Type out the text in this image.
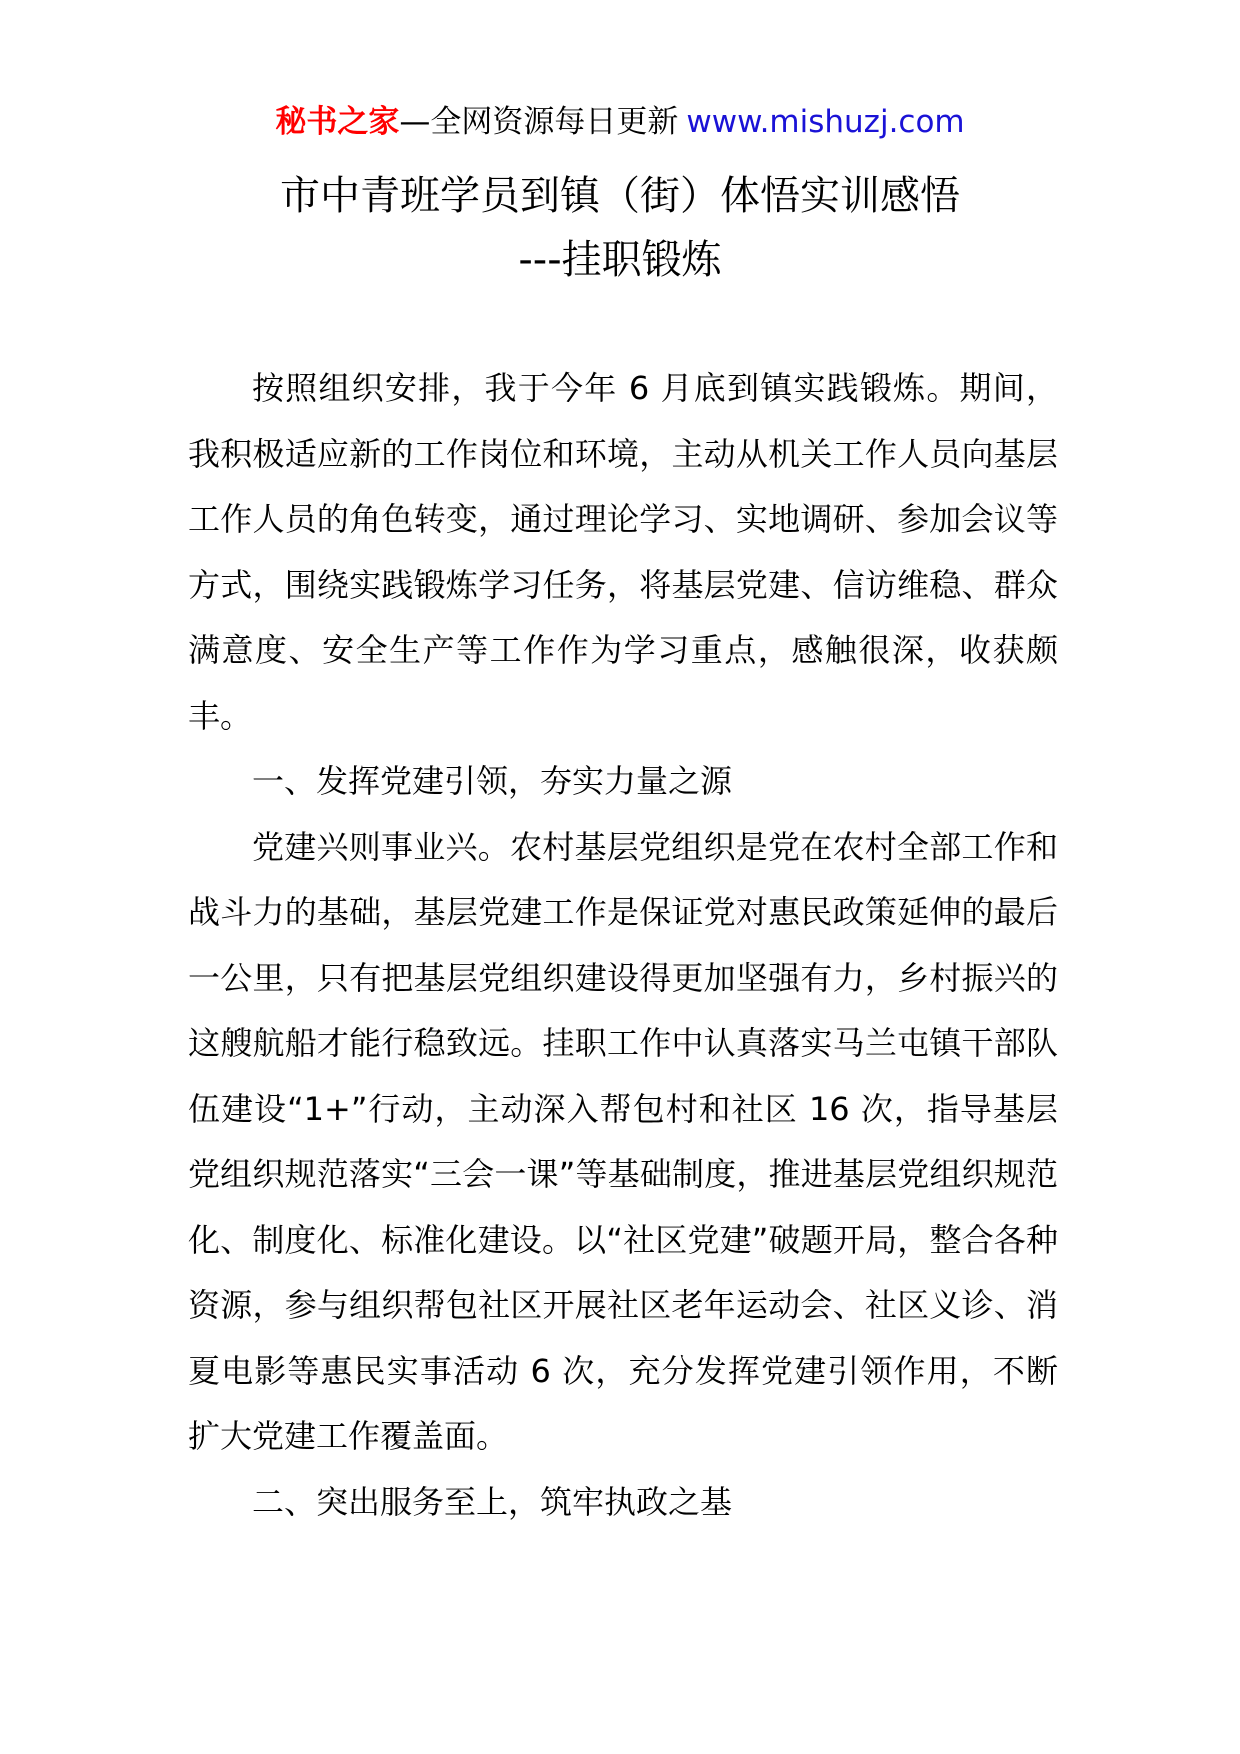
秘书之家—全网资源每日更新 www.mishuzj.com
市中青班学员到镇（街）体悟实训感悟
---挂职锻炼

按照组织安排，我于今年 6 月底到镇实践锻炼。期间，我积极适应新的工作岗位和环境，主动从机关工作人员向基层工作人员的角色转变，通过理论学习、实地调研、参加会议等方式，围绕实践锻炼学习任务，将基层党建、信访维稳、群众满意度、安全生产等工作作为学习重点，感触很深，收获颇丰。

一、发挥党建引领，夯实力量之源

党建兴则事业兴。农村基层党组织是党在农村全部工作和战斗力的基础，基层党建工作是保证党对惠民政策延伸的最后一公里，只有把基层党组织建设得更加坚强有力，乡村振兴的这艘航船才能行稳致远。挂职工作中认真落实马兰屯镇干部队伍建设“1+”行动，主动深入帮包村和社区 16 次，指导基层党组织规范落实“三会一课”等基础制度，推进基层党组织规范化、制度化、标准化建设。以“社区党建”破题开局，整合各种资源，参与组织帮包社区开展社区老年运动会、社区义诊、消夏电影等惠民实事活动 6 次，充分发挥党建引领作用，不断扩大党建工作覆盖面。

二、突出服务至上，筑牢执政之基
